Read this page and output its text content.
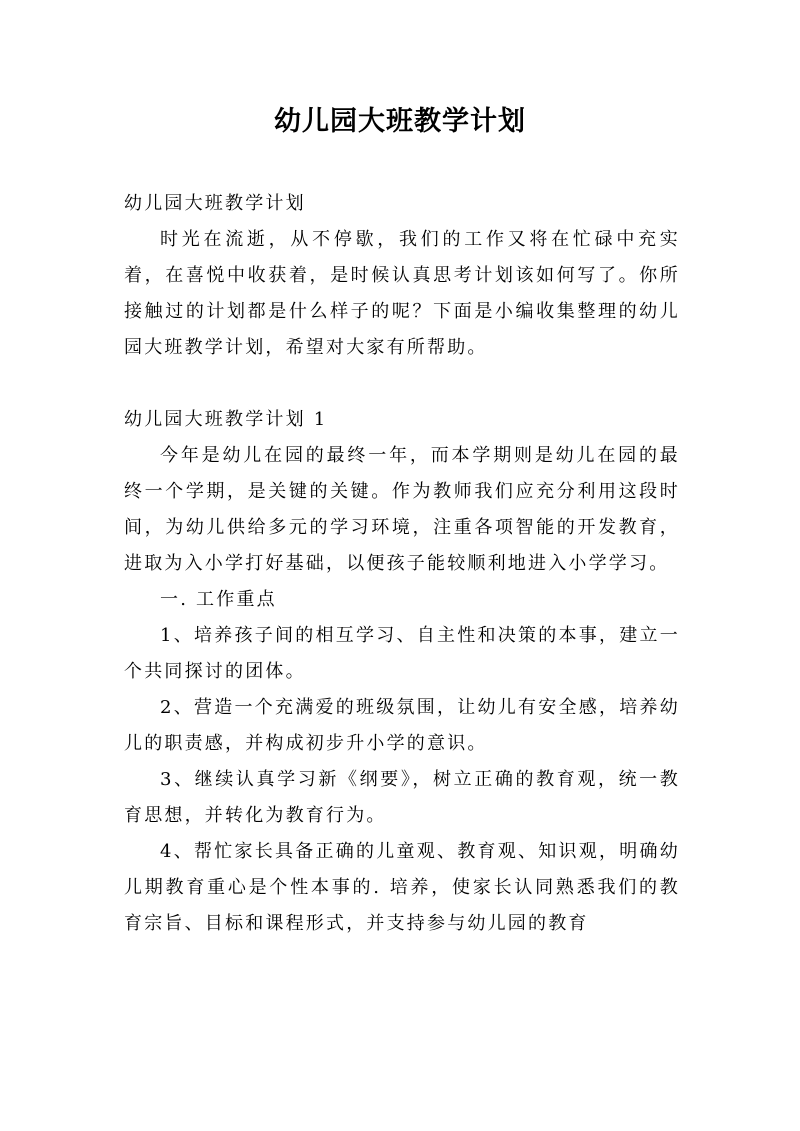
幼儿园大班教学计划

幼儿园大班教学计划

时光在流逝，从不停歇，我们的工作又将在忙碌中充实着，在喜悦中收获着，是时候认真思考计划该如何写了。你所接触过的计划都是什么样子的呢？下面是小编收集整理的幼儿园大班教学计划，希望对大家有所帮助。

幼儿园大班教学计划 1

今年是幼儿在园的最终一年，而本学期则是幼儿在园的最终一个学期，是关键的关键。作为教师我们应充分利用这段时间，为幼儿供给多元的学习环境，注重各项智能的开发教育，进取为入小学打好基础，以便孩子能较顺利地进入小学学习。

一. 工作重点

1、培养孩子间的相互学习、自主性和决策的本事，建立一个共同探讨的团体。

2、营造一个充满爱的班级氛围，让幼儿有安全感，培养幼儿的职责感，并构成初步升小学的意识。

3、继续认真学习新《纲要》，树立正确的教育观，统一教育思想，并转化为教育行为。

4、帮忙家长具备正确的儿童观、教育观、知识观，明确幼儿期教育重心是个性本事的. 培养，使家长认同熟悉我们的教育宗旨、目标和课程形式，并支持参与幼儿园的教育
